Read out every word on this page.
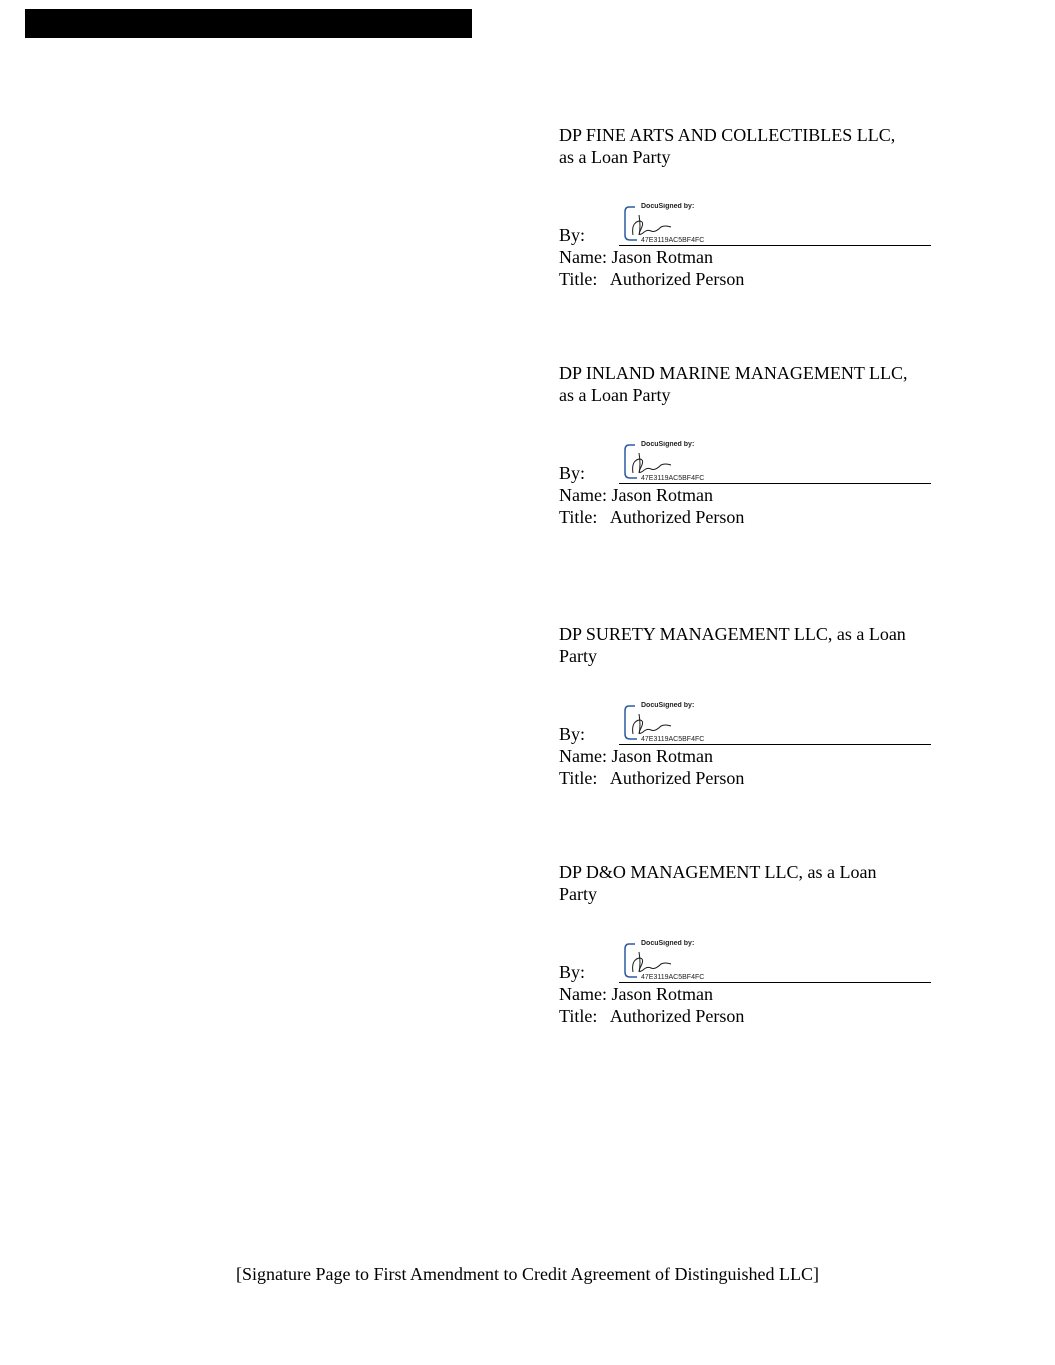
DP FINE ARTS AND COLLECTIBLES LLC,
as a Loan Party
By:
DocuSigned by:
47E3119AC5BF4FC
Name: Jason Rotman
Title:   Authorized Person
DP INLAND MARINE MANAGEMENT LLC,
as a Loan Party
By:
DocuSigned by:
47E3119AC5BF4FC
Name: Jason Rotman
Title:   Authorized Person
DP SURETY MANAGEMENT LLC, as a Loan
Party
By:
DocuSigned by:
47E3119AC5BF4FC
Name: Jason Rotman
Title:   Authorized Person
DP D&O MANAGEMENT LLC, as a Loan
Party
By:
DocuSigned by:
47E3119AC5BF4FC
Name: Jason Rotman
Title:   Authorized Person
[Signature Page to First Amendment to Credit Agreement of Distinguished LLC]
